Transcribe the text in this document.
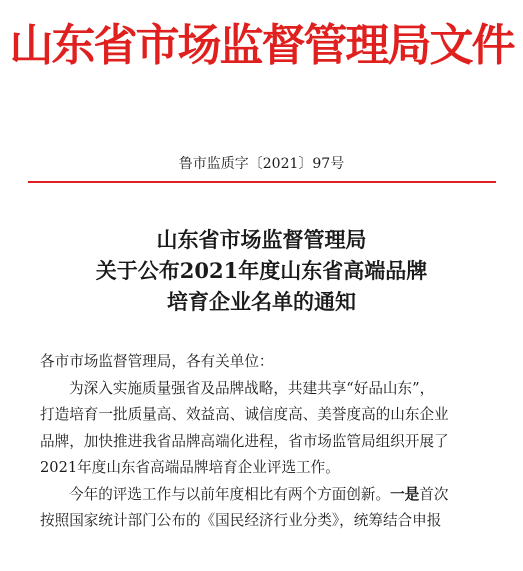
山东省市场监督管理局文件
鲁市监质字〔2021〕97号
山东省市场监督管理局
关于公布2021年度山东省高端品牌
培育企业名单的通知

各市市场监督管理局，各有关单位：

为深入实施质量强省及品牌战略，共建共享“好品山东”，

打造培育一批质量高、效益高、诚信度高、美誉度高的山东企业

品牌，加快推进我省品牌高端化进程，省市场监管局组织开展了

2021年度山东省高端品牌培育企业评选工作。

今年的评选工作与以前年度相比有两个方面创新。一是首次

按照国家统计部门公布的《国民经济行业分类》，统筹结合申报
